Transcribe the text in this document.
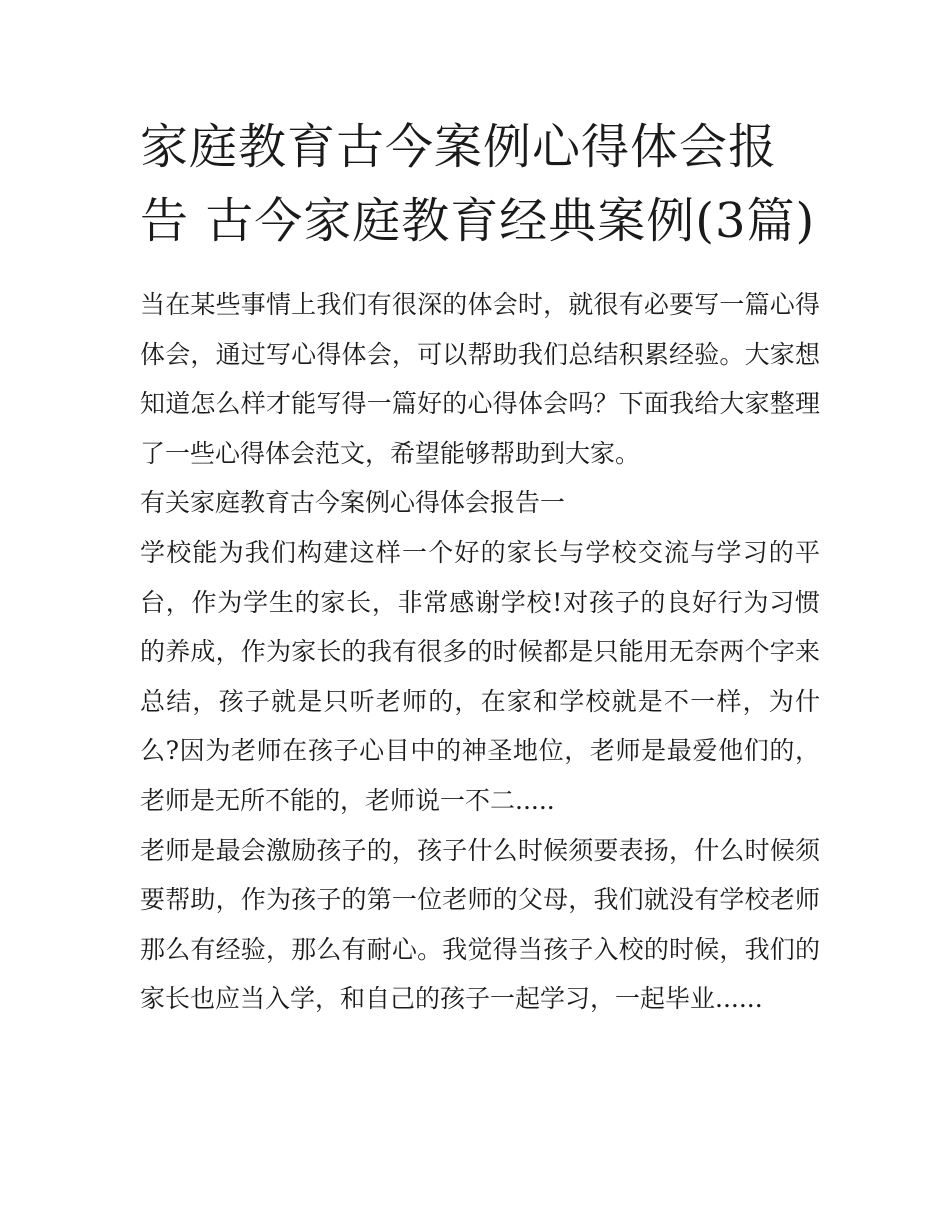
家庭教育古今案例心得体会报告 古今家庭教育经典案例(3篇)

当在某些事情上我们有很深的体会时，就很有必要写一篇心得体会，通过写心得体会，可以帮助我们总结积累经验。大家想知道怎么样才能写得一篇好的心得体会吗？下面我给大家整理了一些心得体会范文，希望能够帮助到大家。

有关家庭教育古今案例心得体会报告一

学校能为我们构建这样一个好的家长与学校交流与学习的平台，作为学生的家长，非常感谢学校!对孩子的良好行为习惯的养成，作为家长的我有很多的时候都是只能用无奈两个字来总结，孩子就是只听老师的，在家和学校就是不一样，为什么?因为老师在孩子心目中的神圣地位，老师是最爱他们的，老师是无所不能的，老师说一不二.....

老师是最会激励孩子的，孩子什么时候须要表扬，什么时候须要帮助，作为孩子的第一位老师的父母，我们就没有学校老师那么有经验，那么有耐心。我觉得当孩子入校的时候，我们的家长也应当入学，和自己的孩子一起学习，一起毕业......
